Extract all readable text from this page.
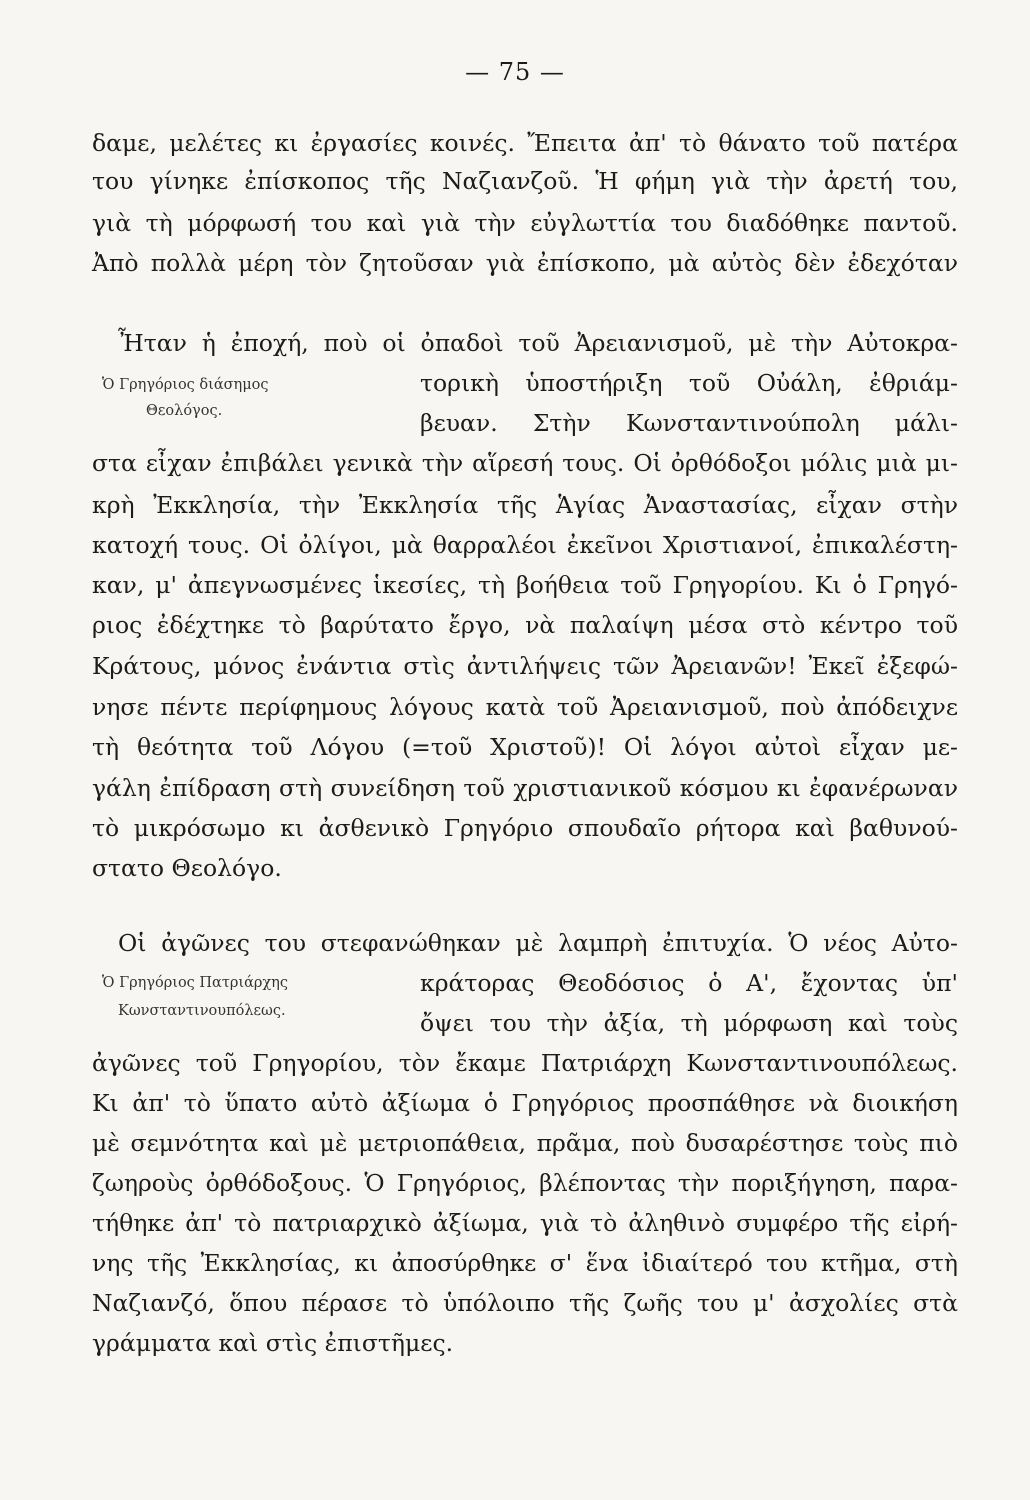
— 75 —
δαμε, μελέτες κι ἐργασίες κοινές. Ἔπειτα ἀπ' τὸ θάνατο τοῦ πατέρα
του γίνηκε ἐπίσκοπος τῆς Ναζιανζοῦ. Ἡ φήμη γιὰ τὴν ἀρετή του,
γιὰ τὴ μόρφωσή του καὶ γιὰ τὴν εὐγλωττία του διαδόθηκε παντοῦ.
Ἀπὸ πολλὰ μέρη τὸν ζητοῦσαν γιὰ ἐπίσκοπο, μὰ αὐτὸς δὲν ἐδεχόταν
Ἦταν ἡ ἐποχή, ποὺ οἱ ὀπαδοὶ τοῦ Ἀρειανισμοῦ, μὲ τὴν Αὐτοκρα-
Ὁ Γρηγόριος διάσημος
Θεολόγος.
τορικὴ ὑποστήριξη τοῦ Οὐάλη, ἐθριάμ-
βευαν. Στὴν Κωνσταντινούπολη μάλι-
στα εἶχαν ἐπιβάλει γενικὰ τὴν αἵρεσή τους. Οἱ ὀρθόδοξοι μόλις μιὰ μι-
κρὴ Ἐκκλησία, τὴν Ἐκκλησία τῆς Ἁγίας Ἀναστασίας, εἶχαν στὴν
κατοχή τους. Οἱ ὀλίγοι, μὰ θαρραλέοι ἐκεῖνοι Χριστιανοί, ἐπικαλέστη-
καν, μ' ἀπεγνωσμένες ἱκεσίες, τὴ βοήθεια τοῦ Γρηγορίου. Κι ὁ Γρηγό-
ριος ἐδέχτηκε τὸ βαρύτατο ἔργο, νὰ παλαίψη μέσα στὸ κέντρο τοῦ
Κράτους, μόνος ἐνάντια στὶς ἀντιλήψεις τῶν Ἀρειανῶν! Ἐκεῖ ἐξεφώ-
νησε πέντε περίφημους λόγους κατὰ τοῦ Ἀρειανισμοῦ, ποὺ ἀπόδειχνε
τὴ θεότητα τοῦ Λόγου (=τοῦ Χριστοῦ)! Οἱ λόγοι αὐτοὶ εἶχαν με-
γάλη ἐπίδραση στὴ συνείδηση τοῦ χριστιανικοῦ κόσμου κι ἐφανέρωναν
τὸ μικρόσωμο κι ἀσθενικὸ Γρηγόριο σπουδαῖο ρήτορα καὶ βαθυνού-
στατο Θεολόγο.
Οἱ ἀγῶνες του στεφανώθηκαν μὲ λαμπρὴ ἐπιτυχία. Ὁ νέος Αὐτο-
Ὁ Γρηγόριος Πατριάρχης
Κωνσταντινουπόλεως.
κράτορας Θεοδόσιος ὁ Α', ἔχοντας ὑπ'
ὄψει του τὴν ἀξία, τὴ μόρφωση καὶ τοὺς
ἀγῶνες τοῦ Γρηγορίου, τὸν ἔκαμε Πατριάρχη Κωνσταντινουπόλεως.
Κι ἀπ' τὸ ὕπατο αὐτὸ ἀξίωμα ὁ Γρηγόριος προσπάθησε νὰ διοικήση
μὲ σεμνότητα καὶ μὲ μετριοπάθεια, πρᾶμα, ποὺ δυσαρέστησε τοὺς πιὸ
ζωηροὺς ὀρθόδοξους. Ὁ Γρηγόριος, βλέποντας τὴν ποριξήγηση, παρα-
τήθηκε ἀπ' τὸ πατριαρχικὸ ἀξίωμα, γιὰ τὸ ἀληθινὸ συμφέρο τῆς εἰρή-
νης τῆς Ἐκκλησίας, κι ἀποσύρθηκε σ' ἕνα ἰδιαίτερό του κτῆμα, στὴ
Ναζιανζό, ὅπου πέρασε τὸ ὑπόλοιπο τῆς ζωῆς του μ' ἀσχολίες στὰ
γράμματα καὶ στὶς ἐπιστῆμες.
